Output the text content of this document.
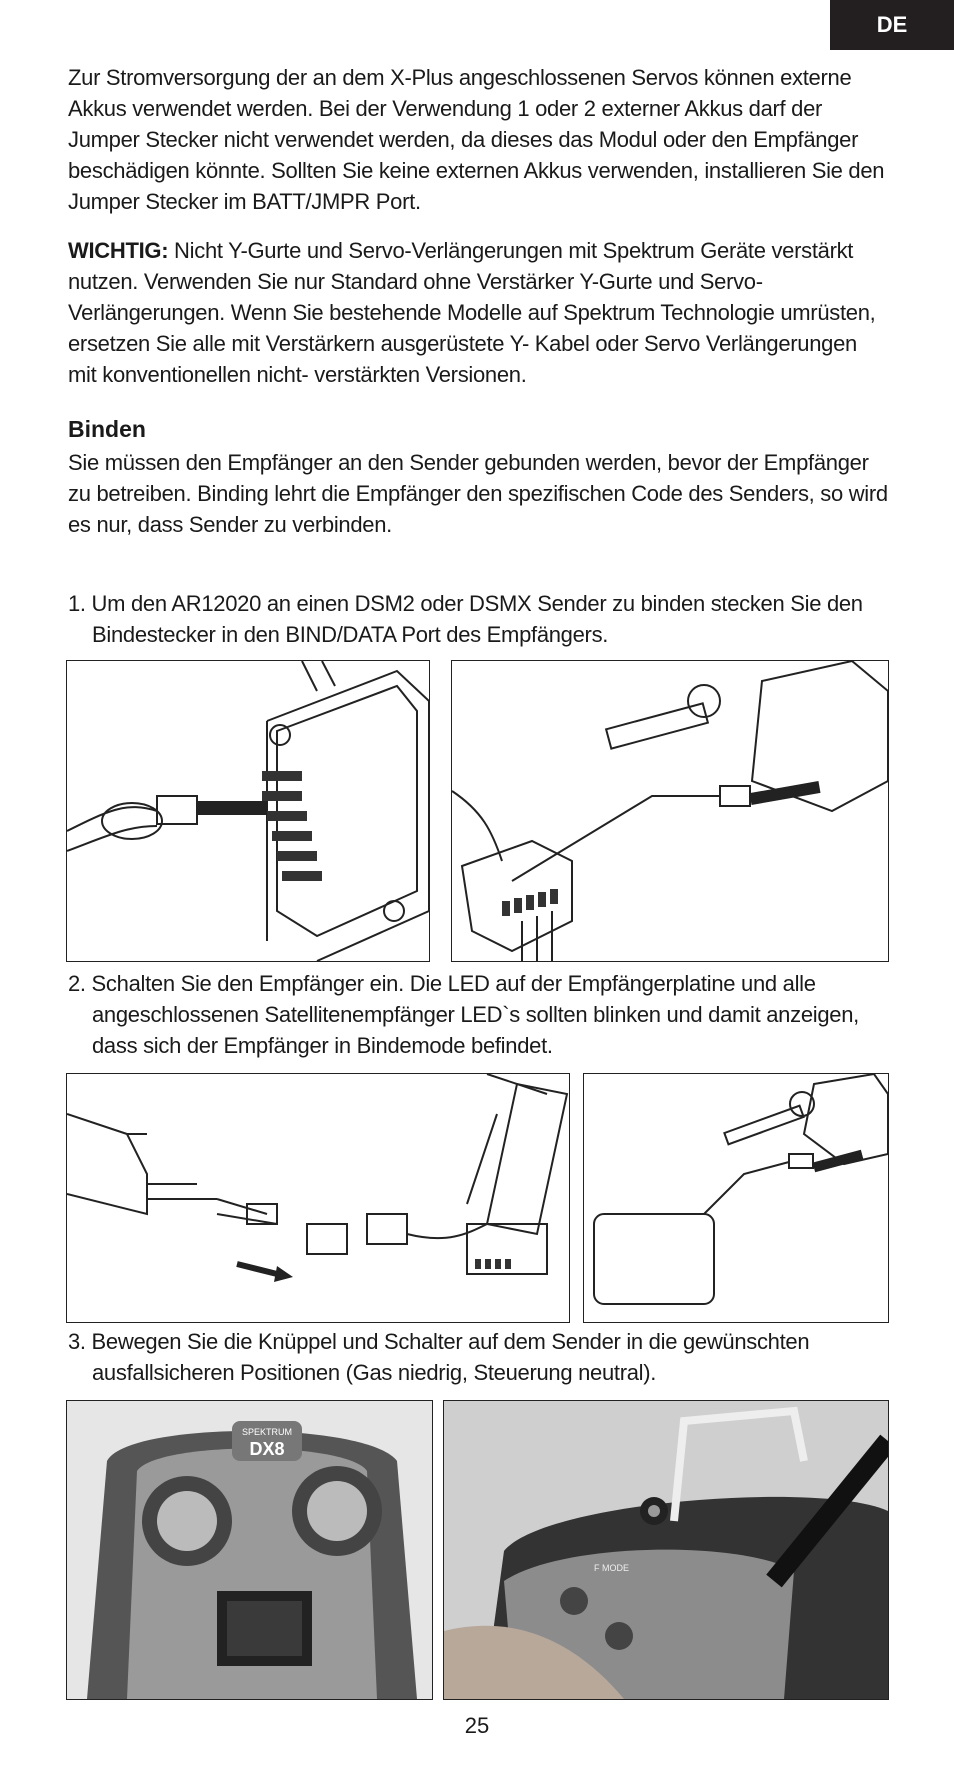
DE

Zur Stromversorgung der an dem X-Plus angeschlossenen Servos können externe Akkus verwendet werden. Bei der Verwendung 1 oder 2 externer Akkus darf der Jumper Stecker nicht verwendet werden, da dieses das Modul oder den Empfänger beschädigen könnte. Sollten Sie keine externen Akkus verwenden, installieren Sie den Jumper Stecker im BATT/JMPR Port.

WICHTIG: Nicht Y-Gurte und Servo-Verlängerungen mit Spektrum Geräte verstärkt nutzen. Verwenden Sie nur Standard ohne Verstärker Y-Gurte und Servo-Verlängerungen. Wenn Sie bestehende Modelle auf Spektrum Technologie umrüsten, ersetzen Sie alle mit Verstärkern ausgerüstete Y- Kabel oder Servo Verlängerungen mit konventionellen nicht- verstärkten Versionen.

Binden

Sie müssen den Empfänger an den Sender gebunden werden, bevor der Empfänger zu betreiben. Binding lehrt die Empfänger den spezifischen Code des Senders, so wird es nur, dass Sender zu verbinden.

1. Um den AR12020 an einen DSM2 oder DSMX Sender zu binden stecken Sie den Bindestecker in den BIND/DATA Port des Empfängers.

2. Schalten Sie den Empfänger ein. Die LED auf der Empfängerplatine und alle angeschlossenen Satellitenempfänger LED`s sollten blinken und damit anzeigen, dass sich der Empfänger in Bindemode befindet.

3. Bewegen Sie die Knüppel und Schalter auf dem Sender in die gewünschten ausfallsicheren Positionen (Gas niedrig, Steuerung neutral).

SPEKTRUM
DX8
F MODE
25
